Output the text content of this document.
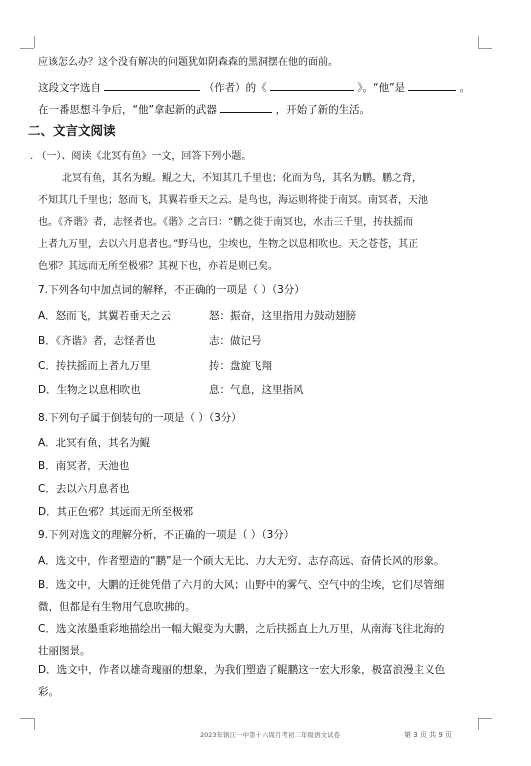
应该怎么办？这个没有解决的问题犹如阴森森的黑洞摆在他的面前。
这段文字选自	（作者）的《	》。“他”是	。
在一番思想斗争后，“他”拿起新的武器	，开始了新的生活。
二、文言文阅读
. （一）、阅读《北冥有鱼》一文，回答下列小题。
北冥有鱼，其名为鲲。鲲之大，不知其几千里也；化而为鸟，其名为鹏。鹏之背，
不知其几千里也；怒而飞，其翼若垂天之云。是鸟也，海运则将徙于南冥。南冥者，天池
也。《齐谐》者，志怪者也。《谐》之言曰：“鹏之徙于南冥也，水击三千里，抟扶摇而
上者九万里，去以六月息者也。”野马也，尘埃也，生物之以息相吹也。天之苍苍，其正
色邪？其远而无所至极邪？其视下也，亦若是则已矣。
7.下列各句中加点词的解释，不正确的一项是（ ）（3分）
A．怒而飞，其翼若垂天之云	怒：振奋，这里指用力鼓动翅膀
B．《齐谐》者，志怪者也	志：做记号
C．抟扶摇而上者九万里	抟：盘旋飞翔
D．生物之以息相吹也	息：气息，这里指风
8.下列句子属于倒装句的一项是（ ）（3分）
A．北冥有鱼，其名为鲲
B．南冥者，天池也
C．去以六月息者也
D．其正色邪？其远而无所至极邪
9.下列对选文的理解分析，不正确的一项是（ ）（3分）
A．选文中，作者塑造的“鹏”是一个硕大无比、力大无穷、志存高远、奋倩长风的形象。
B．选文中，大鹏的迁徙凭借了六月的大风；山野中的雾气、空气中的尘埃，它们尽管细
微，但都是有生物用气息吹拂的。
C．选文浓墨重彩地描绘出一幅大鲲变为大鹏，之后扶摇直上九万里，从南海飞往北海的
壮丽图景。
D．选文中，作者以雄奇瑰丽的想象，为我们塑造了鲲鹏这一宏大形象，极富浪漫主义色
彩。
2023年镇江一中第十六周月考初二年级语文试卷	第 3 页 共 9 页
